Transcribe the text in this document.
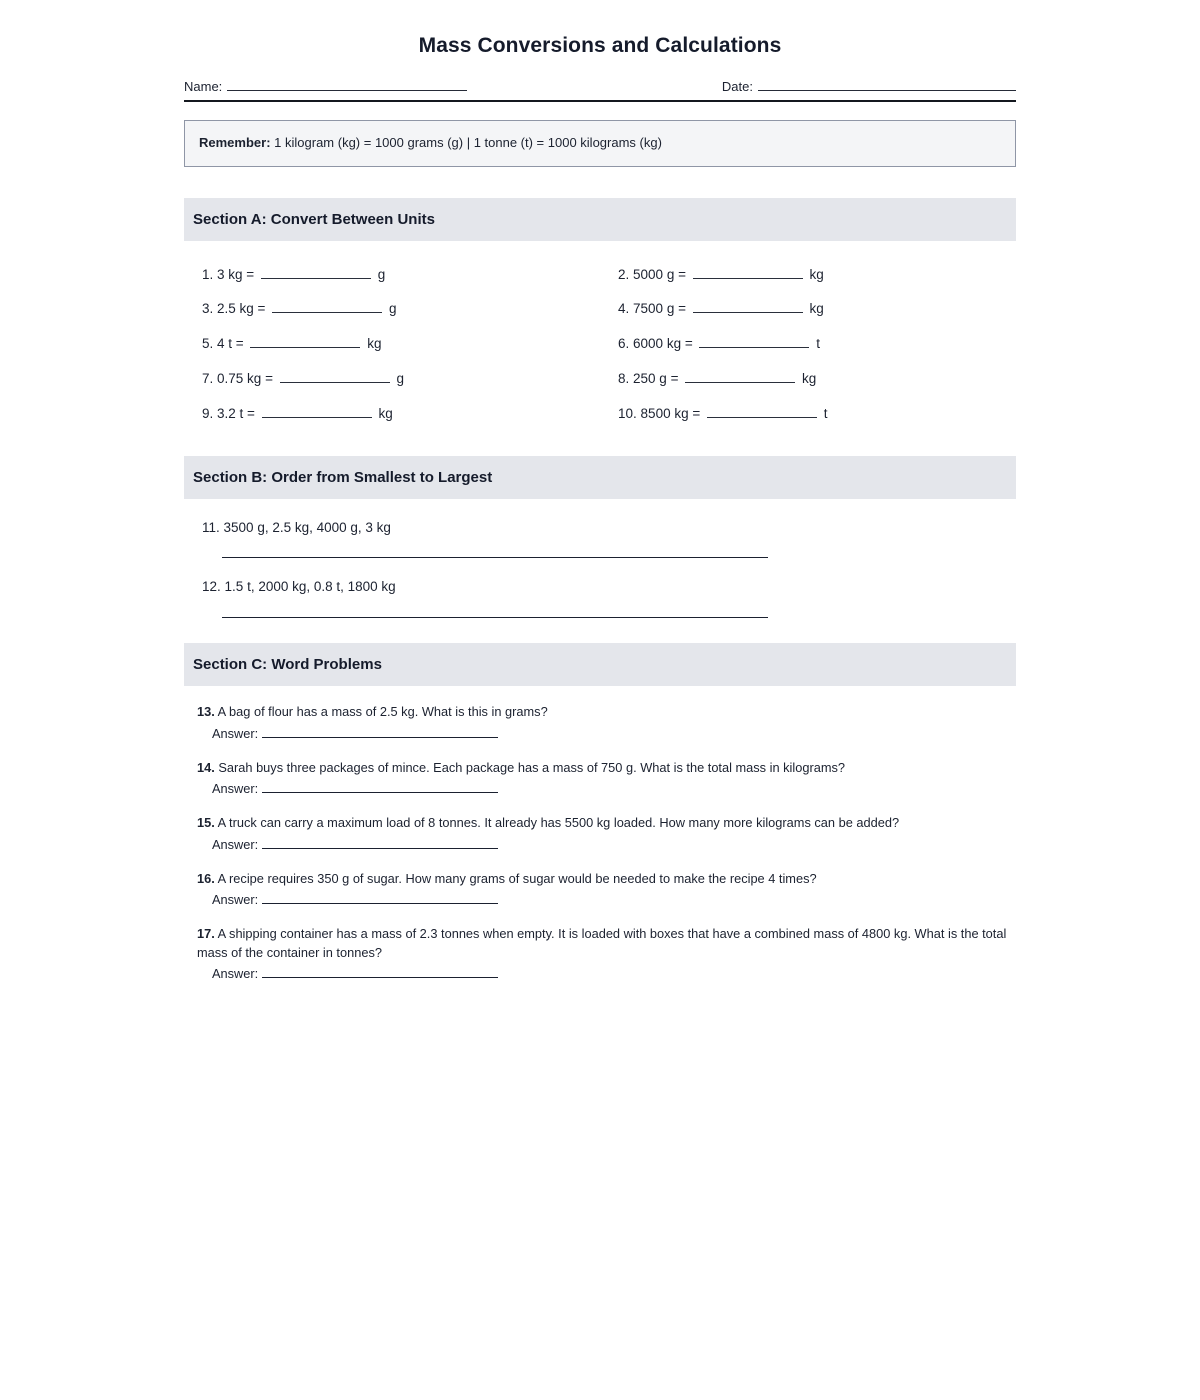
Mass Conversions and Calculations
Name:	Date:
Remember: 1 kilogram (kg) = 1000 grams (g) | 1 tonne (t) = 1000 kilograms (kg)
Section A: Convert Between Units
1. 3 kg =	g	2. 5000 g =	kg
3. 2.5 kg =	g	4. 7500 g =	kg
5. 4 t =	kg	6. 6000 kg =	t
7. 0.75 kg =	g	8. 250 g =	kg
9. 3.2 t =	kg	10. 8500 kg =	t
Section B: Order from Smallest to Largest
11. 3500 g, 2.5 kg, 4000 g, 3 kg
12. 1.5 t, 2000 kg, 0.8 t, 1800 kg
Section C: Word Problems
13. A bag of flour has a mass of 2.5 kg. What is this in grams?
Answer:
14. Sarah buys three packages of mince. Each package has a mass of 750 g. What is the total mass in kilograms?
Answer:
15. A truck can carry a maximum load of 8 tonnes. It already has 5500 kg loaded. How many more kilograms can be added?
Answer:
16. A recipe requires 350 g of sugar. How many grams of sugar would be needed to make the recipe 4 times?
Answer:
17. A shipping container has a mass of 2.3 tonnes when empty. It is loaded with boxes that have a combined mass of 4800 kg. What is the total mass of the container in tonnes?
Answer:
